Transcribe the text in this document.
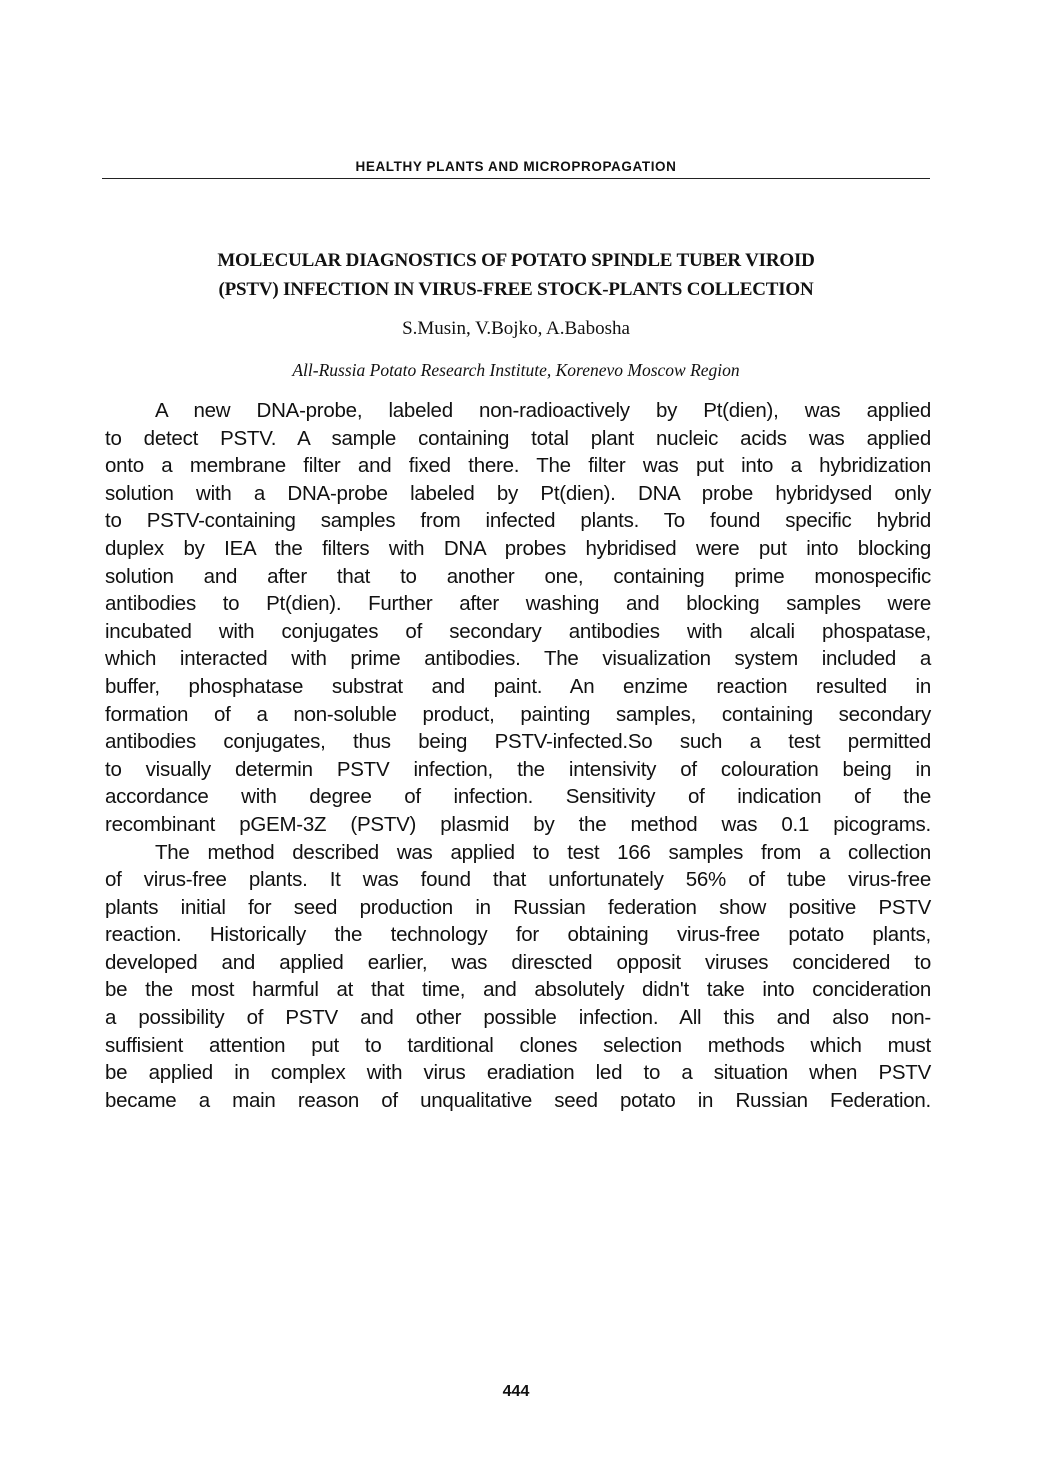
HEALTHY PLANTS AND MICROPROPAGATION
MOLECULAR DIAGNOSTICS OF POTATO SPINDLE TUBER VIROID
(PSTV) INFECTION IN VIRUS-FREE STOCK-PLANTS COLLECTION
S.Musin, V.Bojko, A.Babosha
All-Russia Potato Research Institute, Korenevo Moscow Region
A new DNA-probe, labeled non-radioactively by Pt(dien), was applied
to detect PSTV. A sample containing total plant nucleic acids was applied
onto a membrane filter and fixed there. The filter was put into a hybridization
solution with a DNA-probe labeled by Pt(dien). DNA probe hybridysed only
to PSTV-containing samples from infected plants. To found specific hybrid
duplex by IEA the filters with DNA probes hybridised were put into blocking
solution and after that to another one, containing prime monospecific
antibodies to Pt(dien). Further after washing and blocking samples were
incubated with conjugates of secondary antibodies with alcali phospatase,
which interacted with prime antibodies. The visualization system included a
buffer, phosphatase substrat and paint. An enzime reaction resulted in
formation of a non-soluble product, painting samples, containing secondary
antibodies conjugates, thus being PSTV-infected.So such a test permitted
to visually determin PSTV infection, the intensivity of colouration being in
accordance with degree of infection. Sensitivity of indication of the
recombinant pGEM-3Z (PSTV) plasmid by the method was 0.1 picograms.
The method described was applied to test 166 samples from a collection
of virus-free plants. It was found that unfortunately 56% of tube virus-free
plants initial for seed production in Russian federation show positive PSTV
reaction. Historically the technology for obtaining virus-free potato plants,
developed and applied earlier, was direscted opposit viruses concidered to
be the most harmful at that time, and absolutely didn't take into concideration
a possibility of PSTV and other possible infection. All this and also non-
suffisient attention put to tarditional clones selection methods which must
be applied in complex with virus eradiation led to a situation when PSTV
became a main reason of unqualitative seed potato in Russian Federation.
444
